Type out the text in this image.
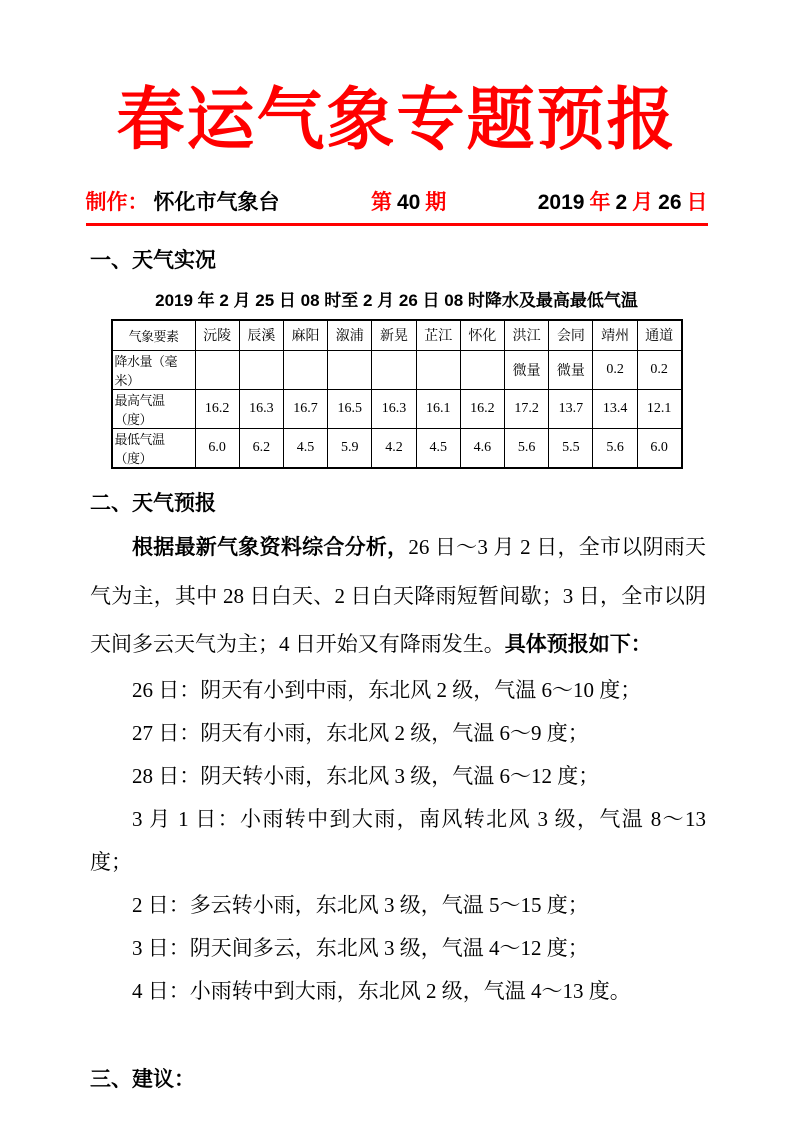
春运气象专题预报
制作： 怀化市气象台	第 40 期	2019 年 2 月 26 日
一、天气实况
2019 年 2 月 25 日 08 时至 2 月 26 日 08 时降水及最高最低气温
气象要素	沅陵	辰溪	麻阳	溆浦	新晃	芷江	怀化	洪江	会同	靖州	通道
降水量（毫米）								微量	微量	0.2	0.2
最高气温（度）	16.2	16.3	16.7	16.5	16.3	16.1	16.2	17.2	13.7	13.4	12.1
最低气温（度）	6.0	6.2	4.5	5.9	4.2	4.5	4.6	5.6	5.5	5.6	6.0
二、天气预报

根据最新气象资料综合分析，26 日～3 月 2 日，全市以阴雨天气为主，其中 28 日白天、2 日白天降雨短暂间歇；3 日，全市以阴天间多云天气为主；4 日开始又有降雨发生。具体预报如下：

26 日：阴天有小到中雨，东北风 2 级，气温 6～10 度；

27 日：阴天有小雨，东北风 2 级，气温 6～9 度；

28 日：阴天转小雨，东北风 3 级，气温 6～12 度；

3 月 1 日：小雨转中到大雨，南风转北风 3 级，气温 8～13 度；

2 日：多云转小雨，东北风 3 级，气温 5～15 度；

3 日：阴天间多云，东北风 3 级，气温 4～12 度；

4 日：小雨转中到大雨，东北风 2 级，气温 4～13 度。

三、建议：
